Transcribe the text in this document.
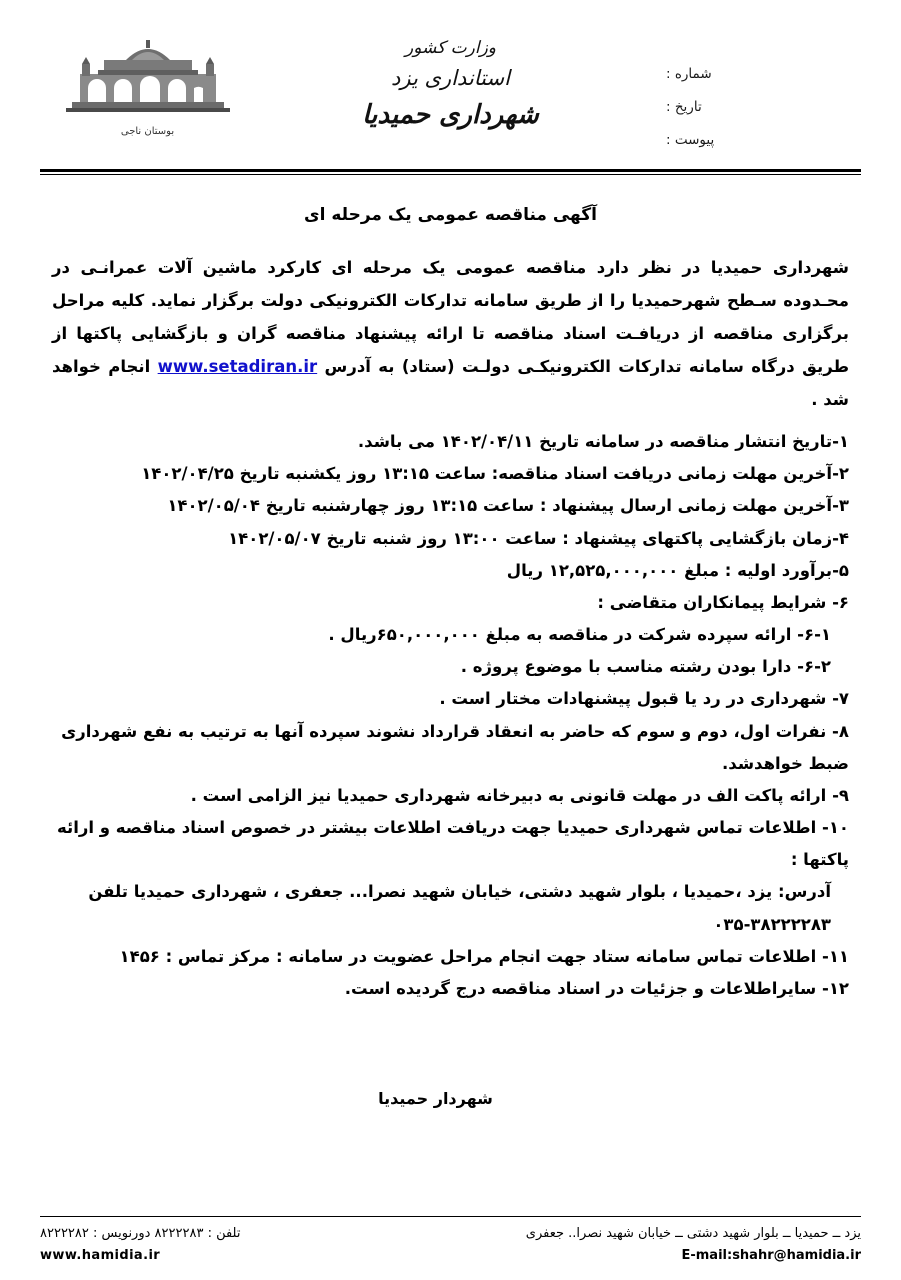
بوستان ناجی
وزارت کشور
استانداری یزد
شهرداری حمیدیا
شماره :
تاریخ :
پیوست :
آگهی مناقصه عمومی یک مرحله ای

شهرداری حمیدیا در نظر دارد مناقصه عمومی یک مرحله ای کارکرد ماشین آلات عمرانـی در محـدوده سـطح شهرحمیدیا را از طریق سامانه تدارکات الکترونیکی دولت برگزار نماید. کلیه مراحل برگزاری مناقصه از دریافـت اسناد مناقصه تا ارائه پیشنهاد مناقصه گران و بازگشایی پاکتها از طریق درگاه سامانه تدارکات الکترونیکـی دولـت (ستاد) به آدرس www.setadiran.ir انجام خواهد شد .

۱-تاریخ انتشار مناقصه در سامانه تاریخ ۱۴۰۲/۰۴/۱۱ می باشد.
۲-آخرین مهلت زمانی دریافت اسناد مناقصه: ساعت ۱۳:۱۵ روز یکشنبه تاریخ ۱۴۰۲/۰۴/۲۵
۳-آخرین مهلت زمانی ارسال پیشنهاد : ساعت ۱۳:۱۵ روز چهارشنبه تاریخ ۱۴۰۲/۰۵/۰۴
۴-زمان بازگشایی پاکتهای پیشنهاد : ساعت ۱۳:۰۰ روز شنبه تاریخ ۱۴۰۲/۰۵/۰۷
۵-برآورد اولیه : مبلغ ۱۲,۵۲۵,۰۰۰,۰۰۰ ریال
۶- شرایط پیمانکاران متقاضی :
۶-۱- ارائه سپرده شرکت در مناقصه به مبلغ ۶۵۰,۰۰۰,۰۰۰ریال .
۶-۲- دارا بودن رشته مناسب با موضوع پروژه .
۷- شهرداری در رد یا قبول پیشنهادات مختار است .
۸- نفرات اول، دوم و سوم که حاضر به انعقاد قرارداد نشوند سپرده آنها به ترتیب به نفع شهرداری ضبط خواهدشد.
۹- ارائه پاکت الف در مهلت قانونی به دبیرخانه شهرداری حمیدیا نیز الزامی است .
۱۰- اطلاعات تماس شهرداری حمیدیا جهت دریافت اطلاعات بیشتر در خصوص اسناد مناقصه و ارائه پاکتها :
آدرس: یزد ،حمیدیا ، بلوار شهید دشتی، خیابان شهید نصرا... جعفری ، شهرداری حمیدیا تلفن ۳۸۲۲۲۲۸۳-۰۳۵
۱۱- اطلاعات تماس سامانه ستاد جهت انجام مراحل عضویت در سامانه : مرکز تماس : ۱۴۵۶
۱۲- سایراطلاعات و جزئیات در اسناد مناقصه درج گردیده است.
شهردار حمیدیا
یزد ــ حمیدیا ــ بلوار شهید دشتی ــ خیابان شهید نصرا.. جعفری
E-mail:shahr@hamidia.ir
تلفن : ۸۲۲۲۲۸۳ دورنویس : ۸۲۲۲۲۸۲
www.hamidia.ir
